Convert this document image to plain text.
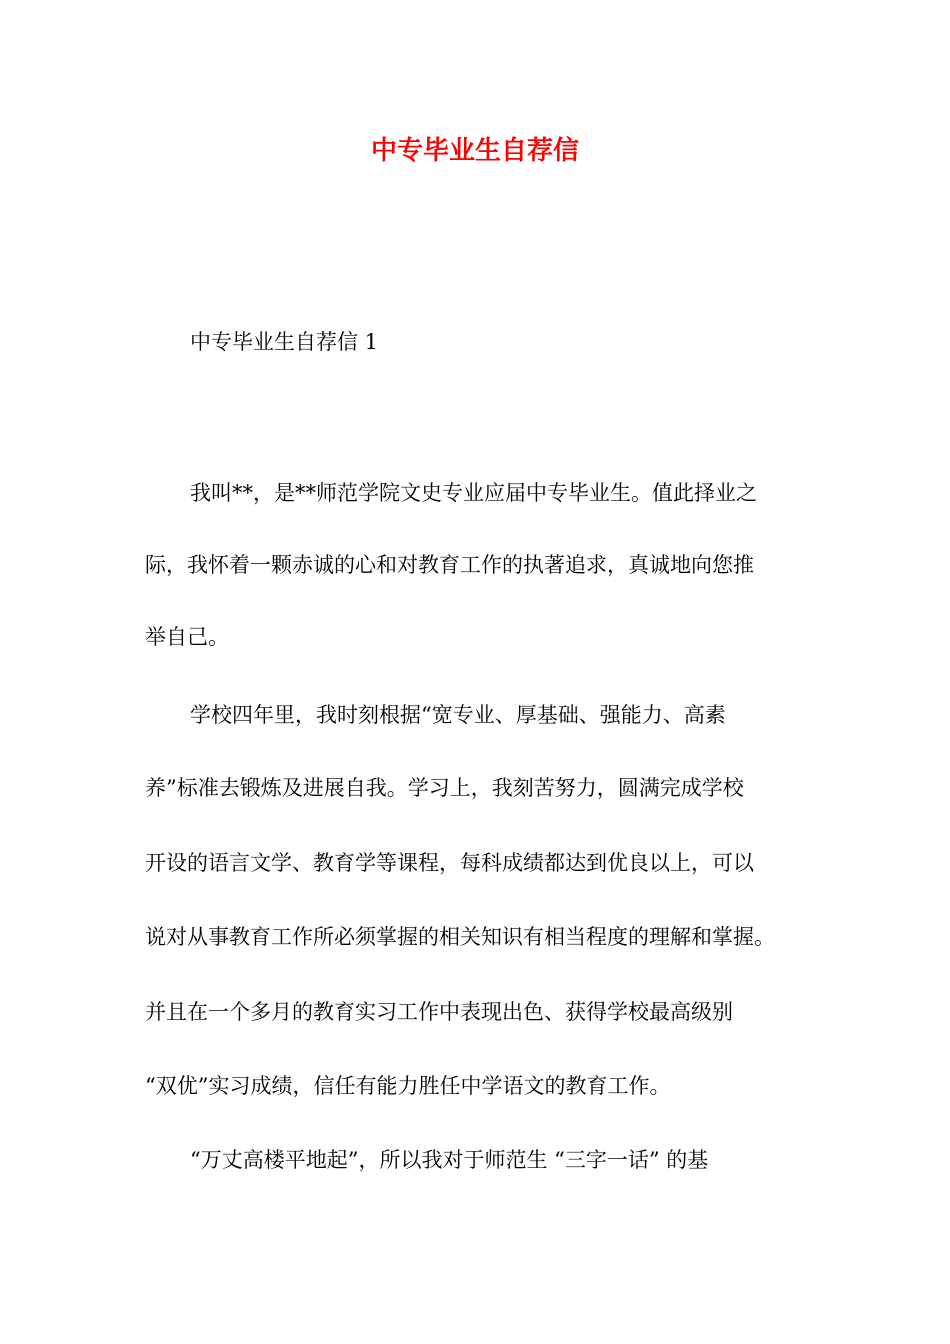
中专毕业生自荐信
中专毕业生自荐信 1
我叫**，是**师范学院文史专业应届中专毕业生。值此择业之
际，我怀着一颗赤诚的心和对教育工作的执著追求，真诚地向您推
举自己。
学校四年里，我时刻根据“宽专业、厚基础、强能力、高素
养”标准去锻炼及进展自我。学习上，我刻苦努力，圆满完成学校
开设的语言文学、教育学等课程，每科成绩都达到优良以上，可以
说对从事教育工作所必须掌握的相关知识有相当程度的理解和掌握。
并且在一个多月的教育实习工作中表现出色、获得学校最高级别
“双优”实习成绩，信任有能力胜任中学语文的教育工作。
“万丈高楼平地起”，所以我对于师范生 “三字一话” 的基
